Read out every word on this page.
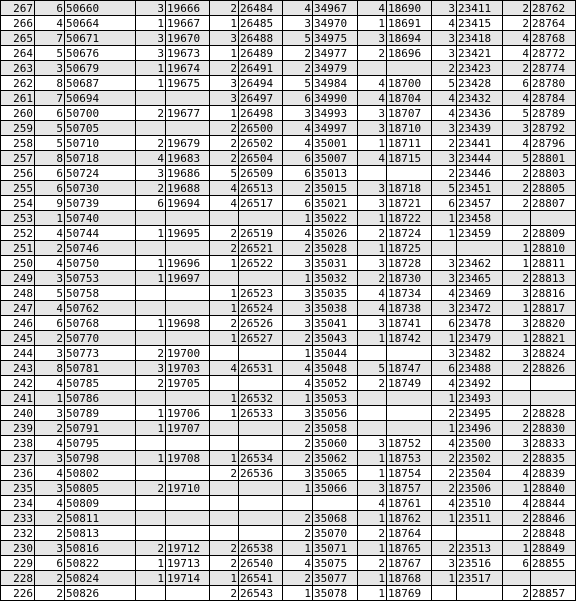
267	6	50660	3	19666	2	26484	4	34967	4	18690	3	23411	2	28762
266	4	50664	1	19667	1	26485	3	34970	1	18691	4	23415	2	28764
265	7	50671	3	19670	3	26488	5	34975	3	18694	3	23418	4	28768
264	5	50676	3	19673	1	26489	2	34977	2	18696	3	23421	4	28772
263	3	50679	1	19674	2	26491	2	34979			2	23423	2	28774
262	8	50687	1	19675	3	26494	5	34984	4	18700	5	23428	6	28780
261	7	50694			3	26497	6	34990	4	18704	4	23432	4	28784
260	6	50700	2	19677	1	26498	3	34993	3	18707	4	23436	5	28789
259	5	50705			2	26500	4	34997	3	18710	3	23439	3	28792
258	5	50710	2	19679	2	26502	4	35001	1	18711	2	23441	4	28796
257	8	50718	4	19683	2	26504	6	35007	4	18715	3	23444	5	28801
256	6	50724	3	19686	5	26509	6	35013			2	23446	2	28803
255	6	50730	2	19688	4	26513	2	35015	3	18718	5	23451	2	28805
254	9	50739	6	19694	4	26517	6	35021	3	18721	6	23457	2	28807
253	1	50740					1	35022	1	18722	1	23458		
252	4	50744	1	19695	2	26519	4	35026	2	18724	1	23459	2	28809
251	2	50746			2	26521	2	35028	1	18725			1	28810
250	4	50750	1	19696	1	26522	3	35031	3	18728	3	23462	1	28811
249	3	50753	1	19697			1	35032	2	18730	3	23465	2	28813
248	5	50758			1	26523	3	35035	4	18734	4	23469	3	28816
247	4	50762			1	26524	3	35038	4	18738	3	23472	1	28817
246	6	50768	1	19698	2	26526	3	35041	3	18741	6	23478	3	28820
245	2	50770			1	26527	2	35043	1	18742	1	23479	1	28821
244	3	50773	2	19700			1	35044			3	23482	3	28824
243	8	50781	3	19703	4	26531	4	35048	5	18747	6	23488	2	28826
242	4	50785	2	19705			4	35052	2	18749	4	23492		
241	1	50786			1	26532	1	35053			1	23493		
240	3	50789	1	19706	1	26533	3	35056			2	23495	2	28828
239	2	50791	1	19707			2	35058			1	23496	2	28830
238	4	50795					2	35060	3	18752	4	23500	3	28833
237	3	50798	1	19708	1	26534	2	35062	1	18753	2	23502	2	28835
236	4	50802			2	26536	3	35065	1	18754	2	23504	4	28839
235	3	50805	2	19710			1	35066	3	18757	2	23506	1	28840
234	4	50809							4	18761	4	23510	4	28844
233	2	50811					2	35068	1	18762	1	23511	2	28846
232	2	50813					2	35070	2	18764			2	28848
230	3	50816	2	19712	2	26538	1	35071	1	18765	2	23513	1	28849
229	6	50822	1	19713	2	26540	4	35075	2	18767	3	23516	6	28855
228	2	50824	1	19714	1	26541	2	35077	1	18768	1	23517		
226	2	50826			2	26543	1	35078	1	18769			2	28857
